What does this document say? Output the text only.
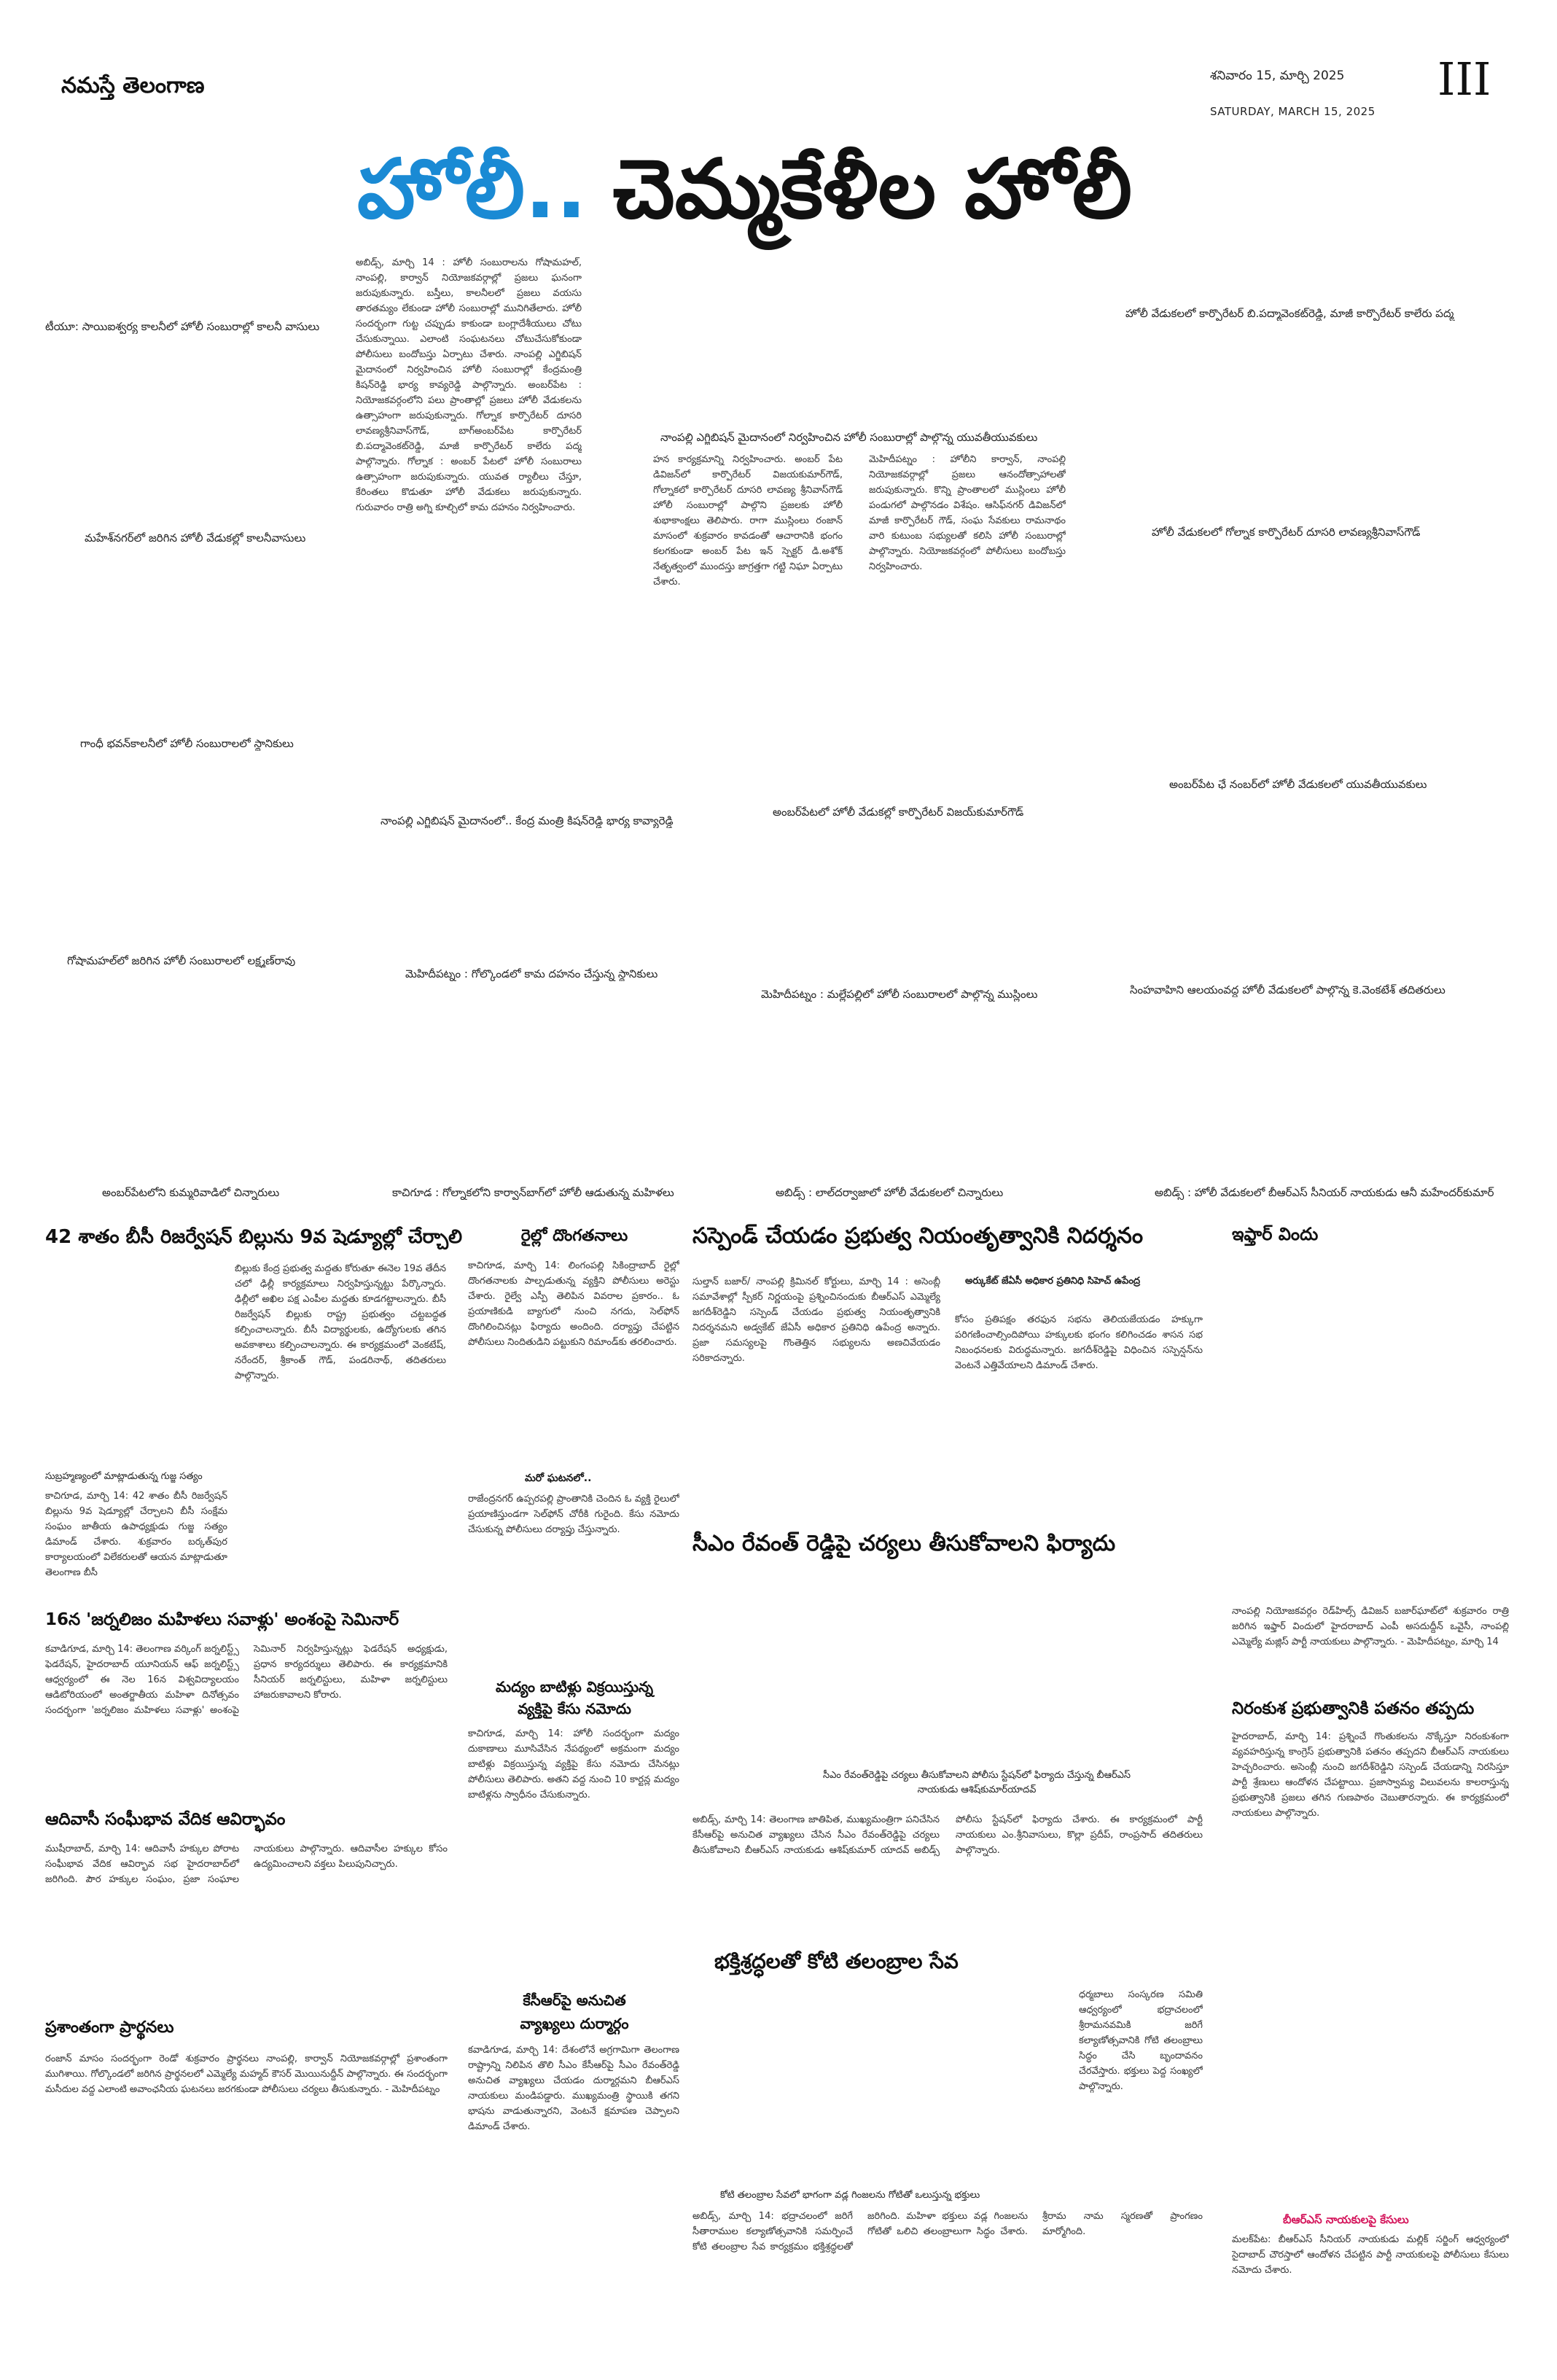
నమస్తే తెలంగాణ	శనివారం 15, మార్చి 2025
SATURDAY, MARCH 15, 2025
III
హోలీ.. చెమ్మకేళీల హోలీ
అబిడ్స్, మార్చి 14 : హోలీ సంబురాలను గోషామహల్, నాంపల్లి, కార్వాన్ నియోజకవర్గాల్లో ప్రజలు ఘనంగా జరుపుకున్నారు. బస్తీలు, కాలనీలలో ప్రజలు వయసు తారతమ్యం లేకుండా హోలీ సంబురాల్లో మునిగితేలారు. హోలీ సందర్భంగా గుట్ట చప్పుడు కాకుండా బంగ్లాదేశీయులు చోటు చేసుకున్నాయి. ఎలాంటి సంఘటనలు చోటుచేసుకోకుండా పోలీసులు బందోబస్తు ఏర్పాటు చేశారు. నాంపల్లి ఎగ్జిబిషన్ మైదానంలో నిర్వహించిన హోలీ సంబురాల్లో కేంద్రమంత్రి కిషన్‌రెడ్డి భార్య కావ్యరెడ్డి పాల్గొన్నారు. అంబర్‌పేట : నియోజకవర్గంలోని పలు ప్రాంతాల్లో ప్రజలు హోలీ వేడుకలను ఉత్సాహంగా జరుపుకున్నారు. గోల్నాక కార్పొరేటర్ దూసరి లావణ్యశ్రీనివాస్‌గౌడ్, బాగ్అంబర్‌పేట కార్పొరేటర్ బి.పద్మావెంకట్‌రెడ్డి, మాజీ కార్పొరేటర్ కాలేరు పద్మ పాల్గొన్నారు. గోల్నాక : అంబర్ పేటలో హోలీ సంబురాలు ఉత్సాహంగా జరుపుకున్నారు. యువత ర్యాలీలు చేస్తూ, కేరింతలు కొడుతూ హోలీ వేడుకలు జరుపుకున్నారు. గురువారం రాత్రి అగ్ని కూల్చిలో కామ దహనం నిర్వహించారు.
హన కార్యక్రమాన్ని నిర్వహించారు. అంబర్ పేట డివిజన్‌లో కార్పొరేటర్ విజయకుమార్‌గౌడ్, గోల్నాకలో కార్పొరేటర్ దూసరి లావణ్య శ్రీనివాస్‌గౌడ్ హోలీ సంబురాల్లో పాల్గొని ప్రజలకు హోలీ శుభాకాంక్షలు తెలిపారు. రాగా ముస్లింలు రంజాన్ మాసంలో శుక్రవారం కావడంతో ఆచారానికి భంగం కలగకుండా అంబర్ పేట ఇన్ స్పెక్టర్ డి.అశోక్ నేతృత్వంలో ముందస్తు జాగ్రత్తగా గట్టి నిఘా ఏర్పాటు చేశారు.
మెహిదీపట్నం : హోలీని కార్వాన్, నాంపల్లి నియోజకవర్గాల్లో ప్రజలు ఆనందోత్సాహాలతో జరుపుకున్నారు. కొన్ని ప్రాంతాలలో ముస్లింలు హోలీ పండుగలో పాల్గొనడం విశేషం. ఆసిఫ్‌నగర్ డివిజన్‌లో మాజీ కార్పొరేటర్ గౌడ్, సంఘ సేవకులు రామనాథం వారి కుటుంబ సభ్యులతో కలిసి హోలీ సంబురాల్లో పాల్గొన్నారు. నియోజకవర్గంలో పోలీసులు బందోబస్తు నిర్వహించారు.
టీయూ: సాయిఐశ్వర్య కాలనీలో హోలీ సంబురాల్లో కాలనీ వాసులు
హోలీ వేడుకలలో కార్పొరేటర్ బి.పద్మావెంకట్‌రెడ్డి, మాజీ కార్పొరేటర్ కాలేరు పద్మ
నాంపల్లి ఎగ్జిబిషన్ మైదానంలో నిర్వహించిన హోలీ సంబురాల్లో పాల్గొన్న యువతీయువకులు
మహేశ్‌నగర్‌లో జరిగిన హోలీ వేడుకల్లో కాలనీవాసులు	హోలీ వేడుకలలో గోల్నాక కార్పొరేటర్ దూసరి లావణ్యశ్రీనివాస్‌గౌడ్
గాంధీ భవన్‌కాలనీలో హోలీ సంబురాలలో స్థానికులు
అంబర్‌పేట ఛే నంబర్‌లో హోలీ వేడుకలలో యువతీయువకులు
నాంపల్లి ఎగ్జిబిషన్ మైదానంలో.. కేంద్ర మంత్రి కిషన్‌రెడ్డి భార్య కావ్యారెడ్డి
అంబర్‌పేటలో హోలీ వేడుకల్లో కార్పొరేటర్ విజయ్‌కుమార్‌గౌడ్
గోషామహల్‌లో జరిగిన హోలీ సంబురాలలో లక్ష్మణ్‌రావు
మెహిదీపట్నం : గోల్కొండలో కామ దహనం చేస్తున్న స్థానికులు
మెహిదీపట్నం : మల్లేపల్లిలో హోలీ సంబురాలలో పాల్గొన్న ముస్లింలు	సింహవాహిని ఆలయంవద్ద హోలీ వేడుకలలో పాల్గొన్న కె.వెంకటేశ్ తదితరులు
అంబర్‌పేటలోని కుమ్మరివాడిలో చిన్నారులు	కాచిగూడ : గోల్నాకలోని కార్వాన్‌బాగ్‌లో హోలీ ఆడుతున్న మహిళలు	అబిడ్స్ : లాల్‌దర్వాజాలో హోలీ వేడుకలలో చిన్నారులు	అబిడ్స్ : హోలీ వేడుకలలో బీఆర్‌ఎస్ సీనియర్ నాయకుడు ఆనీ మహేందర్‌కుమార్
42 శాతం బీసీ రిజర్వేషన్ బిల్లును 9వ షెడ్యూల్లో చేర్చాలి
బిల్లుకు కేంద్ర ప్రభుత్వ మద్దతు కోరుతూ ఈనెల 19వ తేదీన చలో ఢిల్లీ కార్యక్రమాలు నిర్వహిస్తున్నట్టు పేర్కొన్నారు. ఢిల్లీలో అఖిల పక్ష ఎంపీల మద్దతు కూడగట్టాలన్నారు. బీసీ రిజర్వేషన్ బిల్లుకు రాష్ట్ర ప్రభుత్వం చట్టబద్ధత కల్పించాలన్నారు. బీసీ విద్యార్థులకు, ఉద్యోగులకు తగిన అవకాశాలు కల్పించాలన్నారు. ఈ కార్యక్రమంలో వెంకటేష్, నరేందర్, శ్రీకాంత్ గౌడ్, పండరినాథ్, తదితరులు పాల్గొన్నారు.
సుబ్రహ్మణ్యంలో మాట్లాడుతున్న గుజ్జ సత్యం
కాచిగూడ, మార్చి 14: 42 శాతం బీసీ రిజర్వేషన్ బిల్లును 9వ షెడ్యూల్లో చేర్చాలని బీసీ సంక్షేమ సంఘం జాతీయ ఉపాధ్యక్షుడు గుజ్జ సత్యం డిమాండ్ చేశారు. శుక్రవారం బర్కత్‌పుర కార్యాలయంలో విలేకరులతో ఆయన మాట్లాడుతూ తెలంగాణ బీసీ
16న 'జర్నలిజం మహిళలు సవాళ్లు' అంశంపై సెమినార్
కవాడిగూడ, మార్చి 14: తెలంగాణ వర్కింగ్ జర్నలిస్ట్స్ ఫెడరేషన్, హైదరాబాద్ యూనియన్ ఆఫ్ జర్నలిస్ట్స్ ఆధ్వర్యంలో ఈ నెల 16న విశ్వవిద్యాలయం ఆడిటోరియంలో అంతర్జాతీయ మహిళా దినోత్సవం సందర్భంగా 'జర్నలిజం మహిళలు సవాళ్లు' అంశంపై సెమినార్ నిర్వహిస్తున్నట్లు ఫెడరేషన్ అధ్యక్షుడు, ప్రధాన కార్యదర్శులు తెలిపారు. ఈ కార్యక్రమానికి సీనియర్ జర్నలిస్టులు, మహిళా జర్నలిస్టులు హాజరుకావాలని కోరారు.
ఆదివాసీ సంఘీభావ వేదిక ఆవిర్భావం
ముషీరాబాద్, మార్చి 14: ఆదివాసీ హక్కుల పోరాట సంఘీభావ వేదిక ఆవిర్భావ సభ హైదరాబాద్‌లో జరిగింది. పౌర హక్కుల సంఘం, ప్రజా సంఘాల నాయకులు పాల్గొన్నారు. ఆదివాసీల హక్కుల కోసం ఉద్యమించాలని వక్తలు పిలుపునిచ్చారు.
ప్రశాంతంగా ప్రార్థనలు
రంజాన్ మాసం సందర్భంగా రెండో శుక్రవారం ప్రార్థనలు నాంపల్లి, కార్వాన్ నియోజకవర్గాల్లో ప్రశాంతంగా ముగిశాయి. గోల్కొండలో జరిగిన ప్రార్థనలలో ఎమ్మెల్యే మహ్మద్ కౌసర్ మొయినుద్దీన్ పాల్గొన్నారు. ఈ సందర్భంగా మసీదుల వద్ద ఎలాంటి అవాంఛనీయ ఘటనలు జరగకుండా పోలీసులు చర్యలు తీసుకున్నారు. - మెహిదీపట్నం
రైల్లో దొంగతనాలు
కాచిగూడ, మార్చి 14: లింగంపల్లి సికింద్రాబాద్ రైల్లో దొంగతనాలకు పాల్పడుతున్న వ్యక్తిని పోలీసులు అరెస్టు చేశారు. రైల్వే ఎస్పీ తెలిపిన వివరాల ప్రకారం.. ఓ ప్రయాణికుడి బ్యాగులో నుంచి నగదు, సెల్‌ఫోన్ దొంగిలించినట్లు ఫిర్యాదు అందింది. దర్యాప్తు చేపట్టిన పోలీసులు నిందితుడిని పట్టుకుని రిమాండ్‌కు తరలించారు.
మరో ఘటనలో..
రాజేంద్రనగర్ ఉప్పరపల్లి ప్రాంతానికి చెందిన ఓ వ్యక్తి రైలులో ప్రయాణిస్తుండగా సెల్‌ఫోన్ చోరీకి గురైంది. కేసు నమోదు చేసుకున్న పోలీసులు దర్యాప్తు చేస్తున్నారు.
మద్యం బాటిళ్లు విక్రయిస్తున్న
వ్యక్తిపై కేసు నమోదు
కాచిగూడ, మార్చి 14: హోలీ సందర్భంగా మద్యం దుకాణాలు మూసివేసిన నేపథ్యంలో అక్రమంగా మద్యం బాటిళ్లు విక్రయిస్తున్న వ్యక్తిపై కేసు నమోదు చేసినట్లు పోలీసులు తెలిపారు. అతని వద్ద నుంచి 10 కార్టన్ల మద్యం బాటిళ్లను స్వాధీనం చేసుకున్నారు.
కేసీఆర్‌పై అనుచిత
వ్యాఖ్యలు దుర్మార్గం
కవాడిగూడ, మార్చి 14: దేశంలోనే అగ్రగామిగా తెలంగాణ రాష్ట్రాన్ని నిలిపిన తొలి సీఎం కేసీఆర్‌పై సీఎం రేవంత్‌రెడ్డి అనుచిత వ్యాఖ్యలు చేయడం దుర్మార్గమని బీఆర్‌ఎస్ నాయకులు మండిపడ్డారు. ముఖ్యమంత్రి స్థాయికి తగని భాషను వాడుతున్నారని, వెంటనే క్షమాపణ చెప్పాలని డిమాండ్ చేశారు.
సస్పెండ్ చేయడం ప్రభుత్వ నియంతృత్వానికి నిదర్శనం
అర్కుకేట్ జేఏసీ అధికార ప్రతినిధి సిహెచ్ ఉపేంద్ర
సుల్తాన్ బజార్/ నాంపల్లి క్రిమినల్ కోర్టులు, మార్చి 14 : అసెంబ్లీ సమావేశాల్లో స్పీకర్ నిర్ణయంపై ప్రశ్నించినందుకు బీఆర్‌ఎస్ ఎమ్మెల్యే జగదీశ్‌రెడ్డిని సస్పెండ్ చేయడం ప్రభుత్వ నియంతృత్వానికి నిదర్శనమని అడ్వకేట్ జేఏసీ అధికార ప్రతినిధి ఉపేంద్ర అన్నారు. ప్రజా సమస్యలపై గొంతెత్తిన సభ్యులను అణచివేయడం సరికాదన్నారు.
కోసం ప్రతిపక్షం తరఫున సభను తెలియజేయడం హక్కుగా పరిగణించాల్సిందిపోయి హక్కులకు భంగం కలిగించడం శాసన సభ నిబంధనలకు విరుద్ధమన్నారు. జగదీశ్‌రెడ్డిపై విధించిన సస్పెన్షన్‌ను వెంటనే ఎత్తివేయాలని డిమాండ్ చేశారు.
సీఎం రేవంత్ రెడ్డిపై చర్యలు తీసుకోవాలని ఫిర్యాదు
సీఎం రేవంత్‌రెడ్డిపై చర్యలు తీసుకోవాలని పోలీసు స్టేషన్‌లో ఫిర్యాదు చేస్తున్న బీఆర్‌ఎస్ నాయకుడు ఆశిష్‌కుమార్‌యాదవ్
అబిడ్స్, మార్చి 14: తెలంగాణ జాతిపిత, ముఖ్యమంత్రిగా పనిచేసిన కేసీఆర్‌పై అనుచిత వ్యాఖ్యలు చేసిన సీఎం రేవంత్‌రెడ్డిపై చర్యలు తీసుకోవాలని బీఆర్‌ఎస్ నాయకుడు ఆశిష్‌కుమార్ యాదవ్ అబిడ్స్ పోలీసు స్టేషన్‌లో ఫిర్యాదు చేశారు. ఈ కార్యక్రమంలో పార్టీ నాయకులు ఎం.శ్రీనివాసులు, కొల్లా ప్రదీప్, రాంప్రసాద్ తదితరులు పాల్గొన్నారు.
భక్తిశ్రద్ధలతో కోటి తలంబ్రాల సేవ
కోటి తలంబ్రాల సేవలో భాగంగా వడ్ల గింజలను గోటితో ఒలుస్తున్న భక్తులు
ధర్మబాలు సంస్కరణ సమితి ఆధ్వర్యంలో భద్రాచలంలో శ్రీరామనవమికి జరిగే కల్యాణోత్సవానికి గోటి తలంబ్రాలు సిద్ధం చేసి బృందావనం చేరవేస్తారు. భక్తులు పెద్ద సంఖ్యలో పాల్గొన్నారు.
అబిడ్స్, మార్చి 14: భద్రాచలంలో జరిగే సీతారాముల కల్యాణోత్సవానికి సమర్పించే కోటి తలంబ్రాల సేవ కార్యక్రమం భక్తిశ్రద్ధలతో జరిగింది. మహిళా భక్తులు వడ్ల గింజలను గోటితో ఒలిచి తలంబ్రాలుగా సిద్ధం చేశారు. శ్రీరామ నామ స్మరణతో ప్రాంగణం మార్మోగింది.
ఇఫ్తార్ విందు
నాంపల్లి నియోజకవర్గం రెడ్‌హిల్స్ డివిజన్ బజార్‌ఘాట్‌లో శుక్రవారం రాత్రి జరిగిన ఇఫ్తార్ విందులో హైదరాబాద్ ఎంపీ అసదుద్దీన్ ఒవైసీ, నాంపల్లి ఎమ్మెల్యే మజ్లిస్ పార్టీ నాయకులు పాల్గొన్నారు. - మెహిదీపట్నం, మార్చి 14
నిరంకుశ ప్రభుత్వానికి పతనం తప్పదు
హైదరాబాద్, మార్చి 14: ప్రశ్నించే గొంతుకలను నొక్కేస్తూ నిరంకుశంగా వ్యవహరిస్తున్న కాంగ్రెస్ ప్రభుత్వానికి పతనం తప్పదని బీఆర్‌ఎస్ నాయకులు హెచ్చరించారు. అసెంబ్లీ నుంచి జగదీశ్‌రెడ్డిని సస్పెండ్ చేయడాన్ని నిరసిస్తూ పార్టీ శ్రేణులు ఆందోళన చేపట్టాయి. ప్రజాస్వామ్య విలువలను కాలరాస్తున్న ప్రభుత్వానికి ప్రజలు తగిన గుణపాఠం చెబుతారన్నారు. ఈ కార్యక్రమంలో నాయకులు పాల్గొన్నారు.
బీఆర్‌ఎస్ నాయకులపై కేసులు
మలక్‌పేట: బీఆర్‌ఎస్ సీనియర్ నాయకుడు మల్లిక్ సర్జింగ్ ఆధ్వర్యంలో సైదాబాద్ చౌరస్తాలో ఆందోళన చేపట్టిన పార్టీ నాయకులపై పోలీసులు కేసులు నమోదు చేశారు.
